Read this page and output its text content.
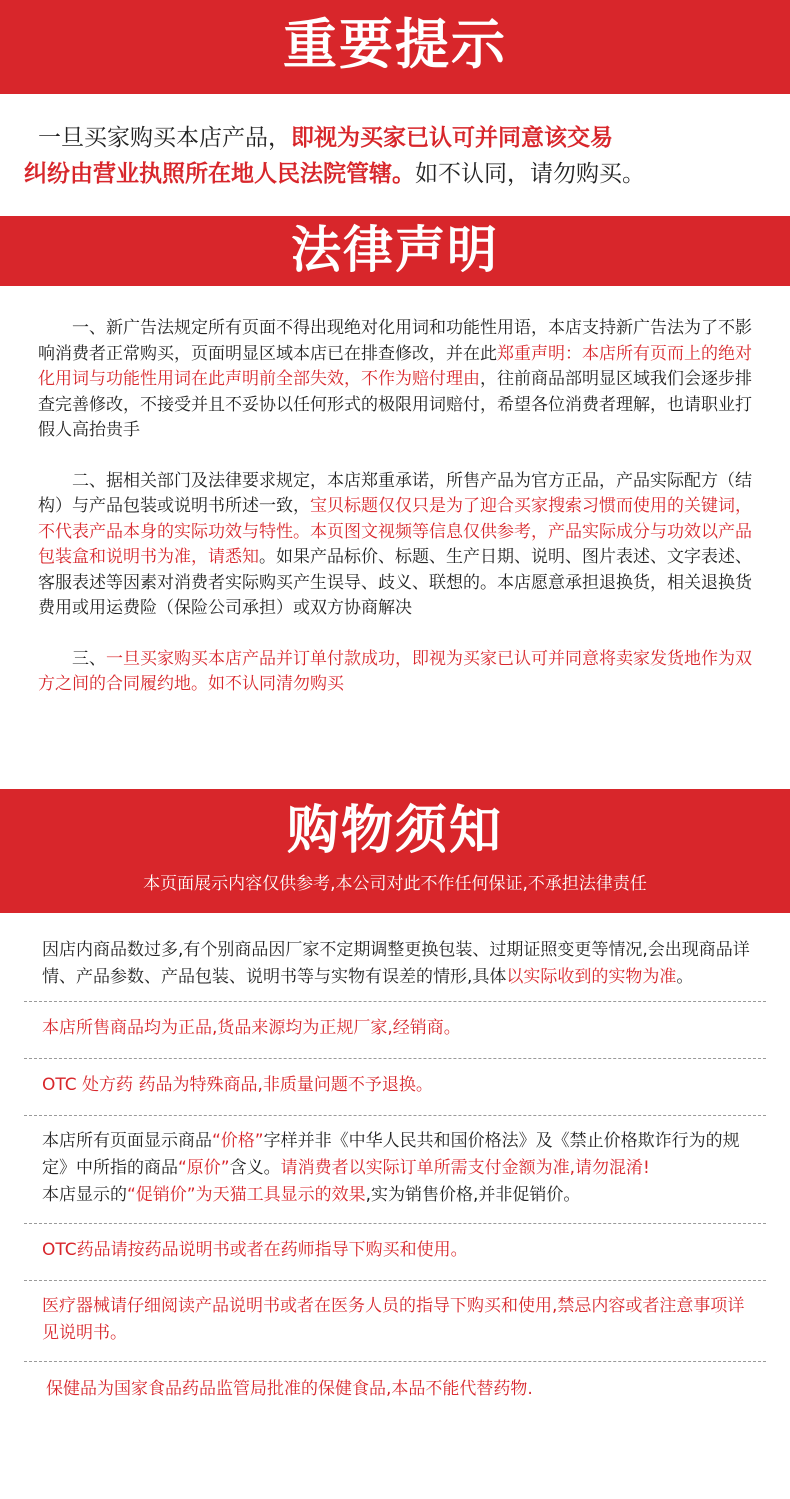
重要提示

一旦买家购买本店产品，即视为买家已认可并同意该交易

纠纷由营业执照所在地人民法院管辖。如不认同，请勿购买。

法律声明

一、新广告法规定所有页面不得出现绝对化用词和功能性用语，本店支持新广告法为了不影响消费者正常购买，页面明显区域本店已在排查修改，并在此郑重声明：本店所有页而上的绝对化用词与功能性用词在此声明前全部失效，不作为赔付理由，往前商品部明显区域我们会逐步排查完善修改，不接受并且不妥协以任何形式的极限用词赔付，希望各位消费者理解，也请职业打假人高抬贵手

二、据相关部门及法律要求规定，本店郑重承诺，所售产品为官方正品，产品实际配方（结构）与产品包装或说明书所述一致，宝贝标题仅仅只是为了迎合买家搜索习惯而使用的关键词，不代表产品本身的实际功效与特性。本页图文视频等信息仅供参考，产品实际成分与功效以产品包装盒和说明书为准，请悉知。如果产品标价、标题、生产日期、说明、图片表述、文字表述、客服表述等因素对消费者实际购买产生误导、歧义、联想的。本店愿意承担退换货，相关退换货费用或用运费险（保险公司承担）或双方协商解决

三、一旦买家购买本店产品并订单付款成功，即视为买家已认可并同意将卖家发货地作为双方之间的合同履约地。如不认同清勿购买

购物须知
本页面展示内容仅供参考,本公司对此不作任何保证,不承担法律责任
因店内商品数过多,有个别商品因厂家不定期调整更换包装、过期证照变更等情况,会出现商品详情、产品参数、产品包装、说明书等与实物有误差的情形,具体以实际收到的实物为准。
本店所售商品均为正品,货品来源均为正规厂家,经销商。
OTC 处方药 药品为特殊商品,非质量问题不予退换。
本店所有页面显示商品“价格”字样并非《中华人民共和国价格法》及《禁止价格欺诈行为的规定》中所指的商品“原价”含义。请消费者以实际订单所需支付金额为准,请勿混淆!
本店显示的“促销价”为天猫工具显示的效果,实为销售价格,并非促销价。
OTC药品请按药品说明书或者在药师指导下购买和使用。
医疗器械请仔细阅读产品说明书或者在医务人员的指导下购买和使用,禁忌内容或者注意事项详见说明书。
保健品为国家食品药品监管局批准的保健食品,本品不能代替药物.
